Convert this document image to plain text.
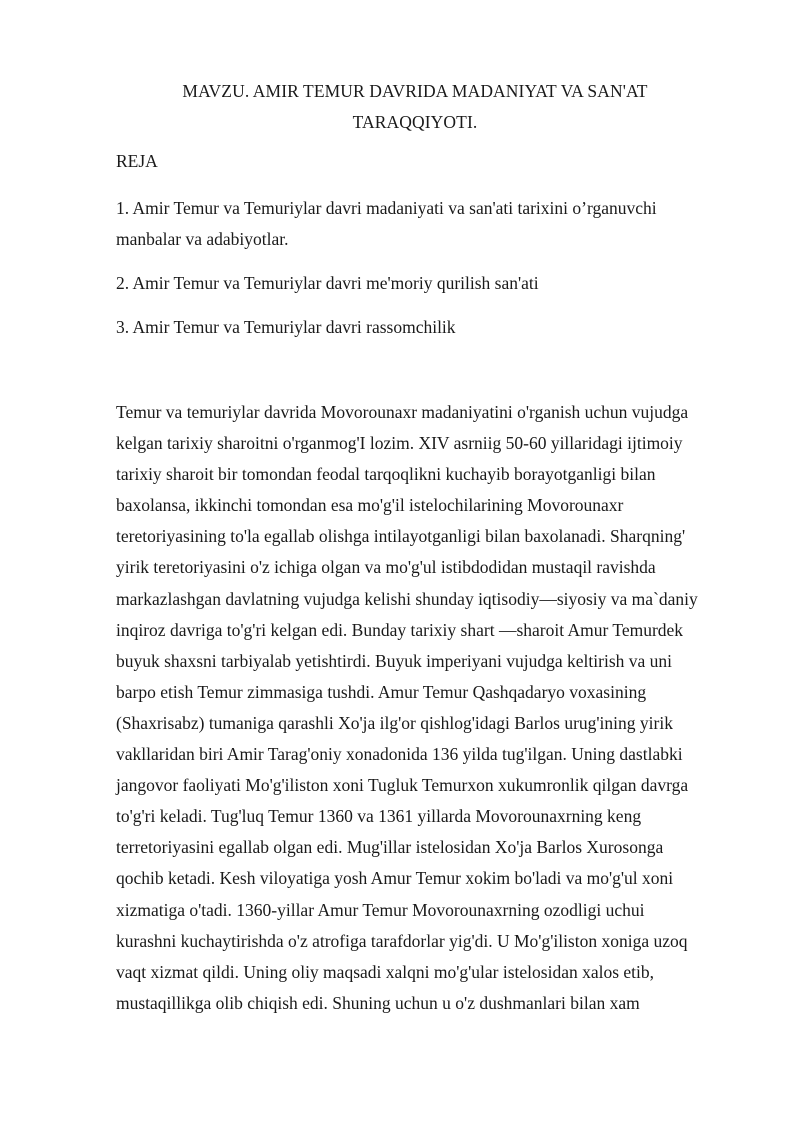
MAVZU. AMIR TEMUR DAVRIDA MADANIYAT VA SAN'AT
TARAQQIYOTI.
REJA
1. Amir Temur va Temuriylar davri madaniyati va san'ati tarixini o’rganuvchi
manbalar va adabiyotlar.
2. Amir Temur va Temuriylar davri me'moriy qurilish san'ati
3. Amir Temur va Temuriylar davri rassomchilik
Temur va temuriylar davrida Movorounaxr madaniyatini o'rganish uchun vujudga
kelgan tarixiy sharoitni o'rganmog'I lozim. XIV asrniig 50-60 yillaridagi ijtimoiy
tarixiy sharoit bir tomondan feodal tarqoqlikni kuchayib borayotganligi bilan
baxolansa, ikkinchi tomondan esa mo'g'il istelochilarining Movorounaxr
teretoriyasining to'la egallab olishga intilayotganligi bilan baxolanadi. Sharqning'
yirik teretoriyasini o'z ichiga olgan va mo'g'ul istibdodidan mustaqil ravishda
markazlashgan davlatning vujudga kelishi shunday iqtisodiy—siyosiy va ma`daniy
inqiroz davriga to'g'ri kelgan edi. Bunday tarixiy shart —sharoit Amur Temurdek
buyuk shaxsni tarbiyalab yetishtirdi. Buyuk imperiyani vujudga keltirish va uni
barpo etish Temur zimmasiga tushdi. Amur Temur Qashqadaryo voxasining
(Shaxrisabz) tumaniga qarashli Xo'ja ilg'or qishlog'idagi Barlos urug'ining yirik
vakllaridan biri Amir Tarag'oniy xonadonida 136 yilda tug'ilgan. Uning dastlabki
jangovor faoliyati Mo'g'iliston xoni Tugluk Temurxon xukumronlik qilgan davrga
to'g'ri keladi. Tug'luq Temur 1360 va 1361 yillarda Movorounaxrning keng
terretoriyasini egallab olgan edi. Mug'illar istelosidan Xo'ja Barlos Xurosonga
qochib ketadi. Kesh viloyatiga yosh Amur Temur xokim bo'ladi va mo'g'ul xoni
xizmatiga o'tadi. 1360-yillar Amur Temur Movorounaxrning ozodligi uchui
kurashni kuchaytirishda o'z atrofiga tarafdorlar yig'di. U Mo'g'iliston xoniga uzoq
vaqt xizmat qildi. Uning oliy maqsadi xalqni mo'g'ular istelosidan xalos etib,
mustaqillikga olib chiqish edi. Shuning uchun u o'z dushmanlari bilan xam
